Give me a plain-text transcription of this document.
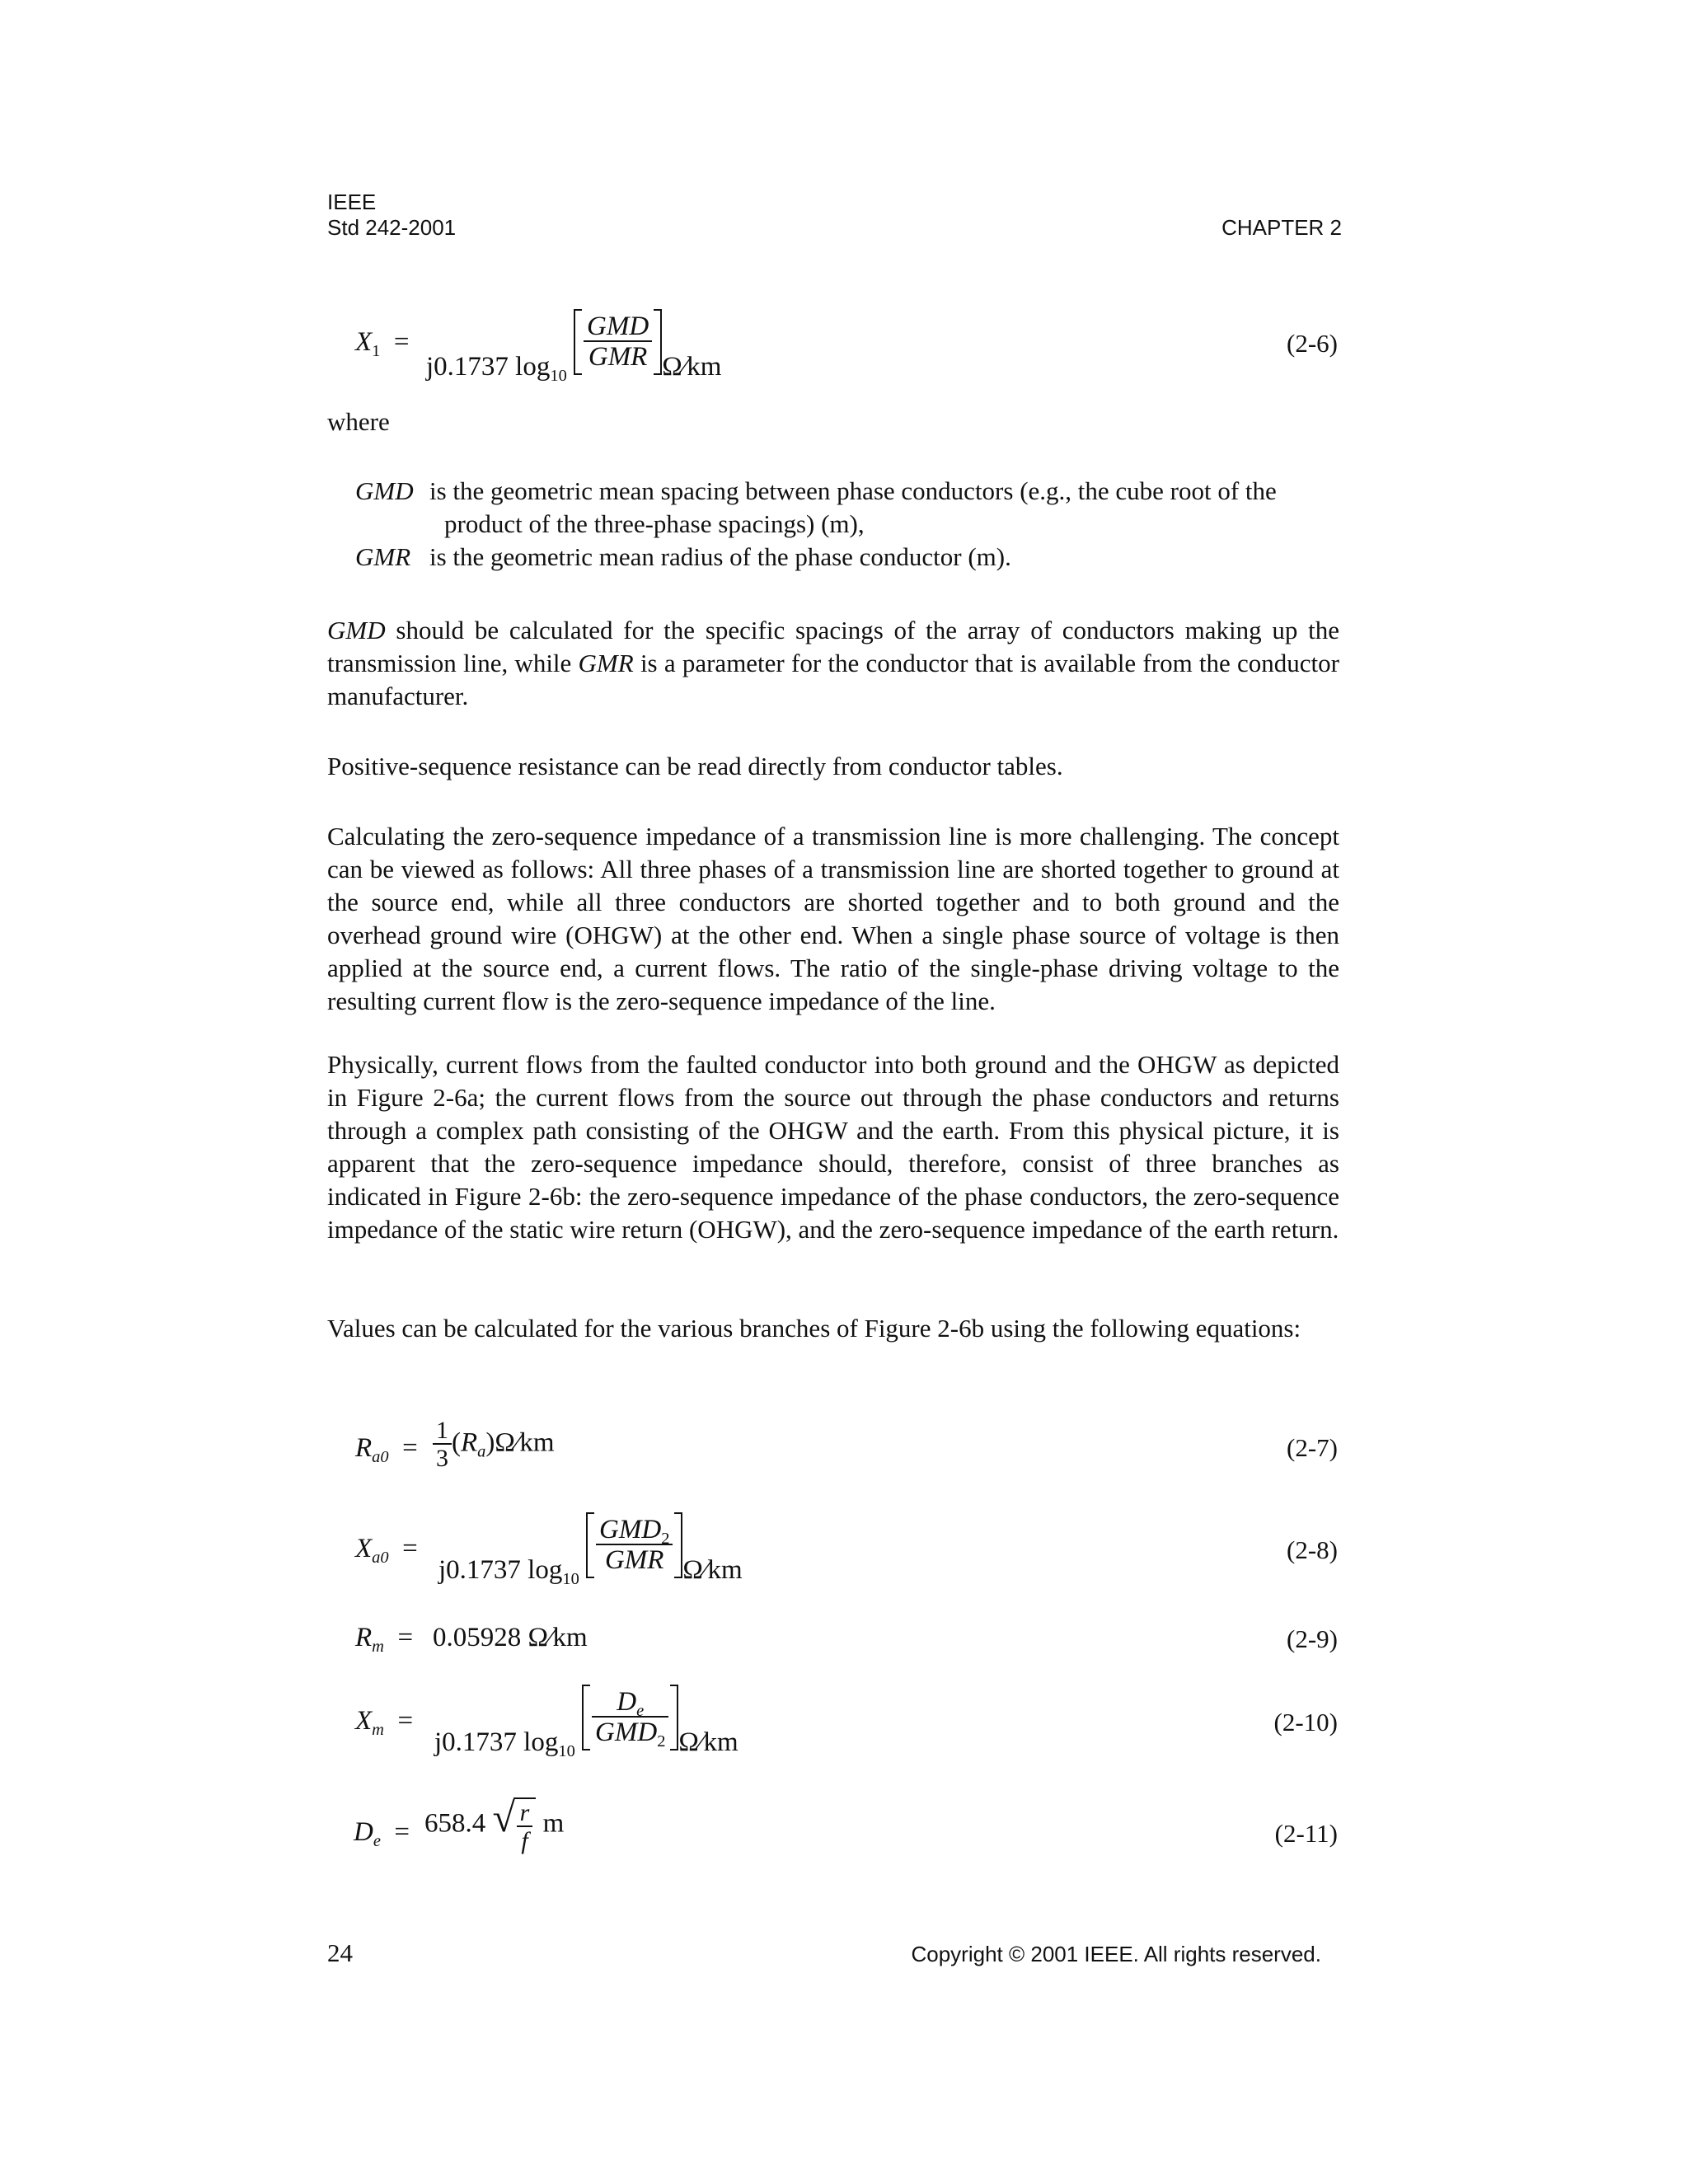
IEEE
Std 242-2001	CHAPTER 2
$X_1$ =
j0.1737 $\log_{10}$
$\frac{\text{GMD}}{\text{GMR}}$ Ω⁄km
(2-6)
where
GMD is the geometric mean spacing between phase conductors (e.g., the cube root of the
product of the three-phase spacings) (m),
GMR is the geometric mean radius of the phase conductor (m).
GMD should be calculated for the specific spacings of the array of conductors making up the transmission line, while GMR is a parameter for the conductor that is available from the conductor manufacturer.
Positive-sequence resistance can be read directly from conductor tables.
Calculating the zero-sequence impedance of a transmission line is more challenging. The concept can be viewed as follows: All three phases of a transmission line are shorted together to ground at the source end, while all three conductors are shorted together and to both ground and the overhead ground wire (OHGW) at the other end. When a single phase source of voltage is then applied at the source end, a current flows. The ratio of the single-phase driving voltage to the resulting current flow is the zero-sequence impedance of the line.
Physically, current flows from the faulted conductor into both ground and the OHGW as depicted in Figure 2-6a; the current flows from the source out through the phase conductors and returns through a complex path consisting of the OHGW and the earth. From this physical picture, it is apparent that the zero-sequence impedance should, therefore, consist of three branches as indicated in Figure 2-6b: the zero-sequence impedance of the phase conductors, the zero-sequence impedance of the static wire return (OHGW), and the zero-sequence impedance of the earth return.
Values can be calculated for the various branches of Figure 2-6b using the following equations:
$R_{a0} = \frac{1}{3}$ $(R_a)\Omega⁄km$	(2-7)
$X_{a0}$ =
j0.1737 $\log_{10}$
$\frac{GMD_2}{\text{GMR}}$ Ω⁄km
(2-8)
$R_m = 0.05928$ Ω⁄km	(2-9)
$X_m$ =
j0.1737 $\log_{10}$
$\frac{D_e}{GMD_2}$ Ω⁄km
(2-10)
$D_e = 658.4$ √ $\frac{r}{f}$ m	(2-11)
24	Copyright © 2001 IEEE. All rights reserved.
